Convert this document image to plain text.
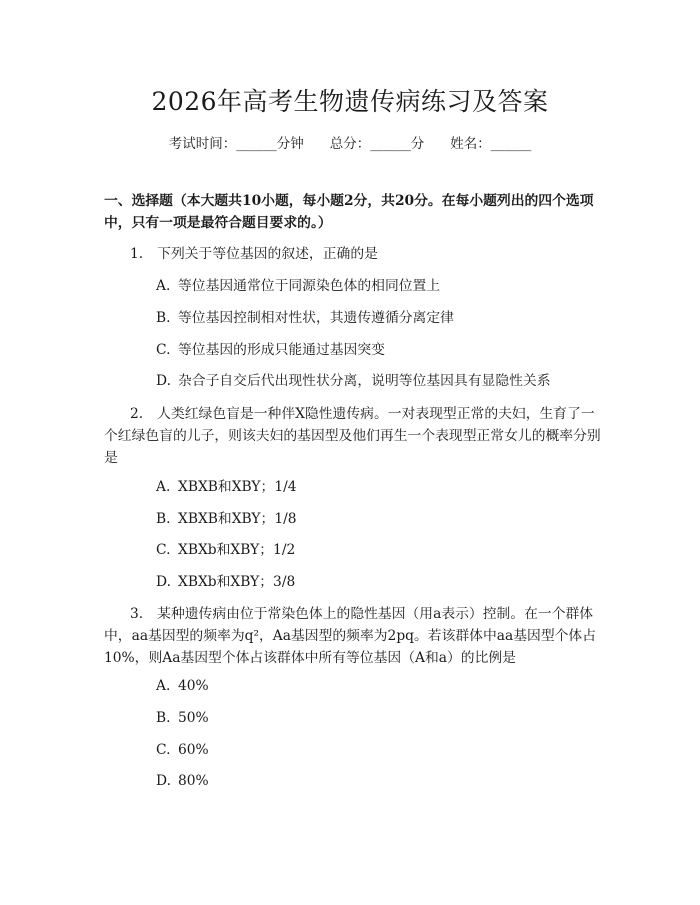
2026年高考生物遗传病练习及答案
考试时间：______分钟 总分：______分 姓名：______
一、选择题（本大题共10小题，每小题2分，共20分。在每小题列出的四个选项中，只有一项是最符合题目要求的。）
1. 下列关于等位基因的叙述，正确的是
A. 等位基因通常位于同源染色体的相同位置上
B. 等位基因控制相对性状，其遗传遵循分离定律
C. 等位基因的形成只能通过基因突变
D. 杂合子自交后代出现性状分离，说明等位基因具有显隐性关系
2. 人类红绿色盲是一种伴X隐性遗传病。一对表现型正常的夫妇，生育了一个红绿色盲的儿子，则该夫妇的基因型及他们再生一个表现型正常女儿的概率分别是
A. XBXB和XBY；1/4
B. XBXB和XBY；1/8
C. XBXb和XBY；1/2
D. XBXb和XBY；3/8
3. 某种遗传病由位于常染色体上的隐性基因（用a表示）控制。在一个群体中，aa基因型的频率为q²，Aa基因型的频率为2pq。若该群体中aa基因型个体占10%，则Aa基因型个体占该群体中所有等位基因（A和a）的比例是
A. 40%
B. 50%
C. 60%
D. 80%
